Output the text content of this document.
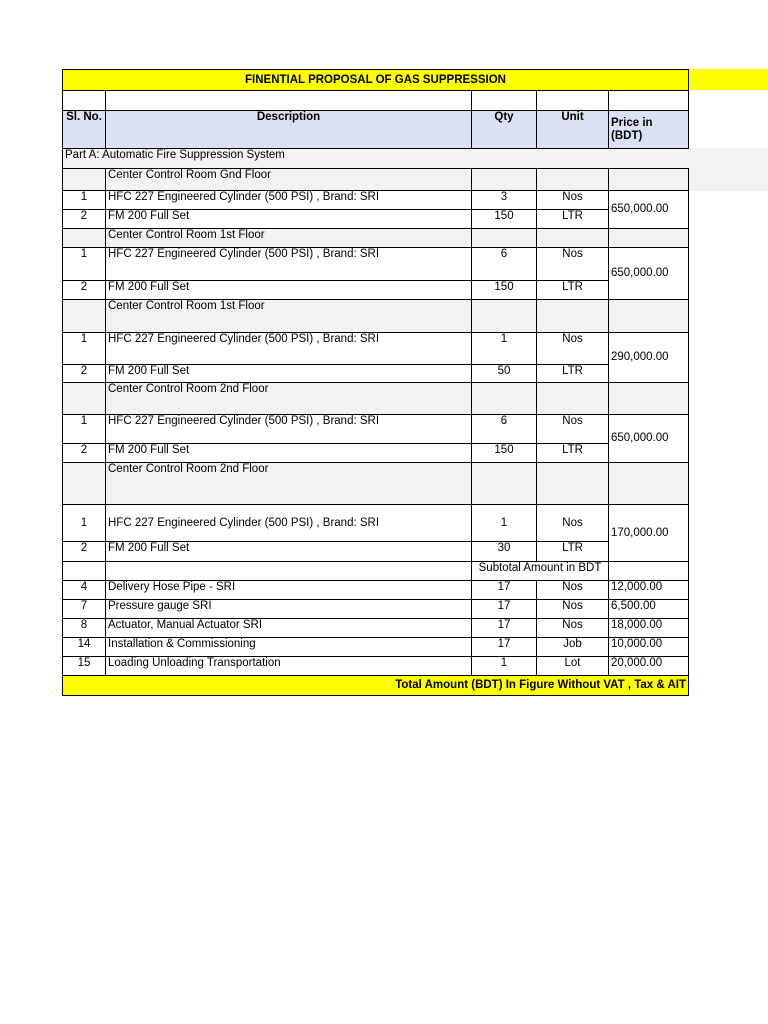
FINENTIAL PROPOSAL OF GAS SUPPRESSION				

Sl. No.	Description	Qty	Unit	Price in (BDT)
Part A: Automatic Fire Suppression System				
	Center Control Room Gnd Floor			
1	HFC 227 Engineered Cylinder (500 PSI) , Brand: SRI	3	Nos	650,000.00
2	FM 200 Full Set	150	LTR	
	Center Control Room 1st Floor			
1	HFC 227 Engineered Cylinder (500 PSI) , Brand: SRI	6	Nos	650,000.00
2	FM 200 Full Set	150	LTR	
	Center Control Room 1st Floor			
1	HFC 227 Engineered Cylinder (500 PSI) , Brand: SRI	1	Nos	290,000.00
2	FM 200 Full Set	50	LTR	
	Center Control Room 2nd Floor			
1	HFC 227 Engineered Cylinder (500 PSI) , Brand: SRI	6	Nos	650,000.00
2	FM 200 Full Set	150	LTR	
	Center Control Room 2nd Floor			
1	HFC 227 Engineered Cylinder (500 PSI) , Brand: SRI	1	Nos	170,000.00
2	FM 200 Full Set	30	LTR	
		Subtotal Amount in BDT		
4	Delivery Hose Pipe - SRI	17	Nos	12,000.00
7	Pressure gauge SRI	17	Nos	6,500.00
8	Actuator, Manual Actuator SRI	17	Nos	18,000.00
14	Installation & Commissioning	17	Job	10,000.00
15	Loading Unloading Transportation	1	Lot	20,000.00
Total Amount (BDT) In Figure Without VAT , Tax & AIT				
